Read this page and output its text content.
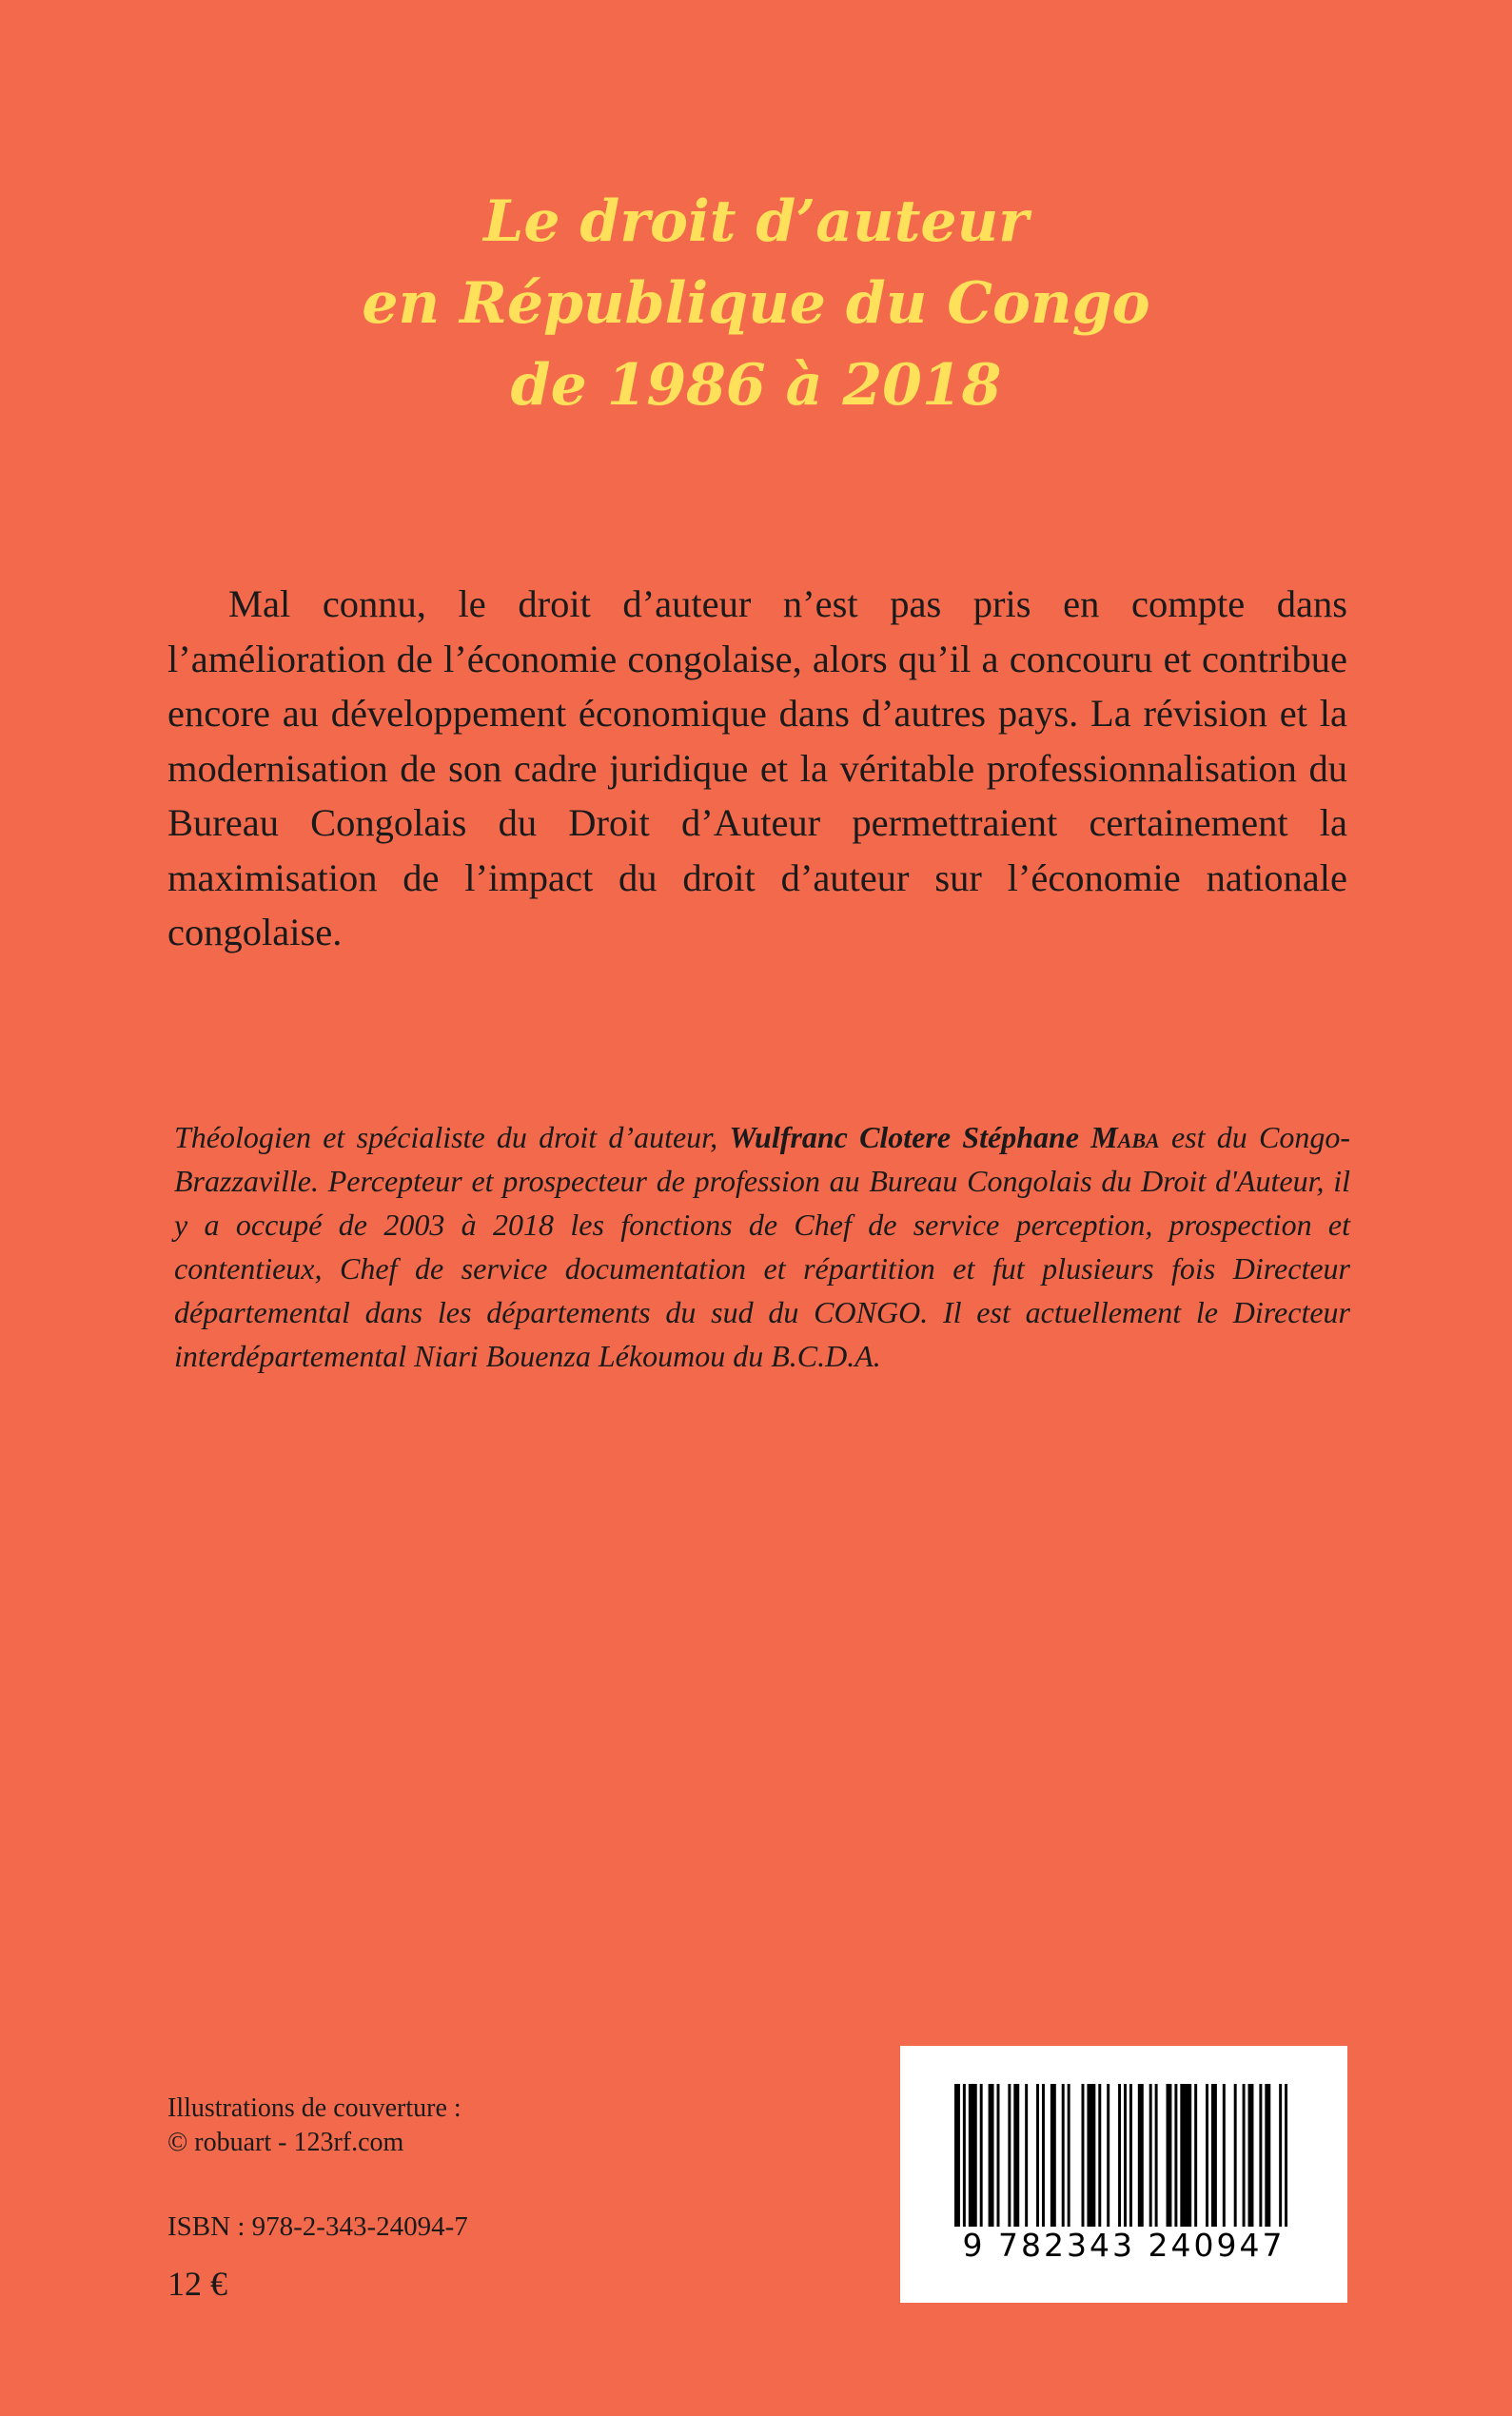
Le droit d’auteur
en République du Congo
de 1986 à 2018

Mal connu, le droit d’auteur n’est pas pris en compte dans l’amélioration de l’économie congolaise, alors qu’il a concouru et contribue encore au développement économique dans d’autres pays. La révision et la modernisation de son cadre juridique et la véritable professionnalisation du Bureau Congolais du Droit d’Auteur permettraient certainement la maximisation de l’impact du droit d’auteur sur l’économie nationale congolaise.

Théologien et spécialiste du droit d’auteur, Wulfranc Clotere Stéphane Maba est du Congo-Brazzaville. Percepteur et prospecteur de profession au Bureau Congolais du Droit d'Auteur, il y a occupé de 2003 à 2018 les fonctions de Chef de service perception, prospection et contentieux, Chef de service documentation et répartition et fut plusieurs fois Directeur départemental dans les départements du sud du CONGO. Il est actuellement le Directeur interdépartemental Niari Bouenza Lékoumou du B.C.D.A.

Illustrations de couverture :
© robuart - 123rf.com
ISBN : 978-2-343-24094-7
12 €
9 782343 240947
